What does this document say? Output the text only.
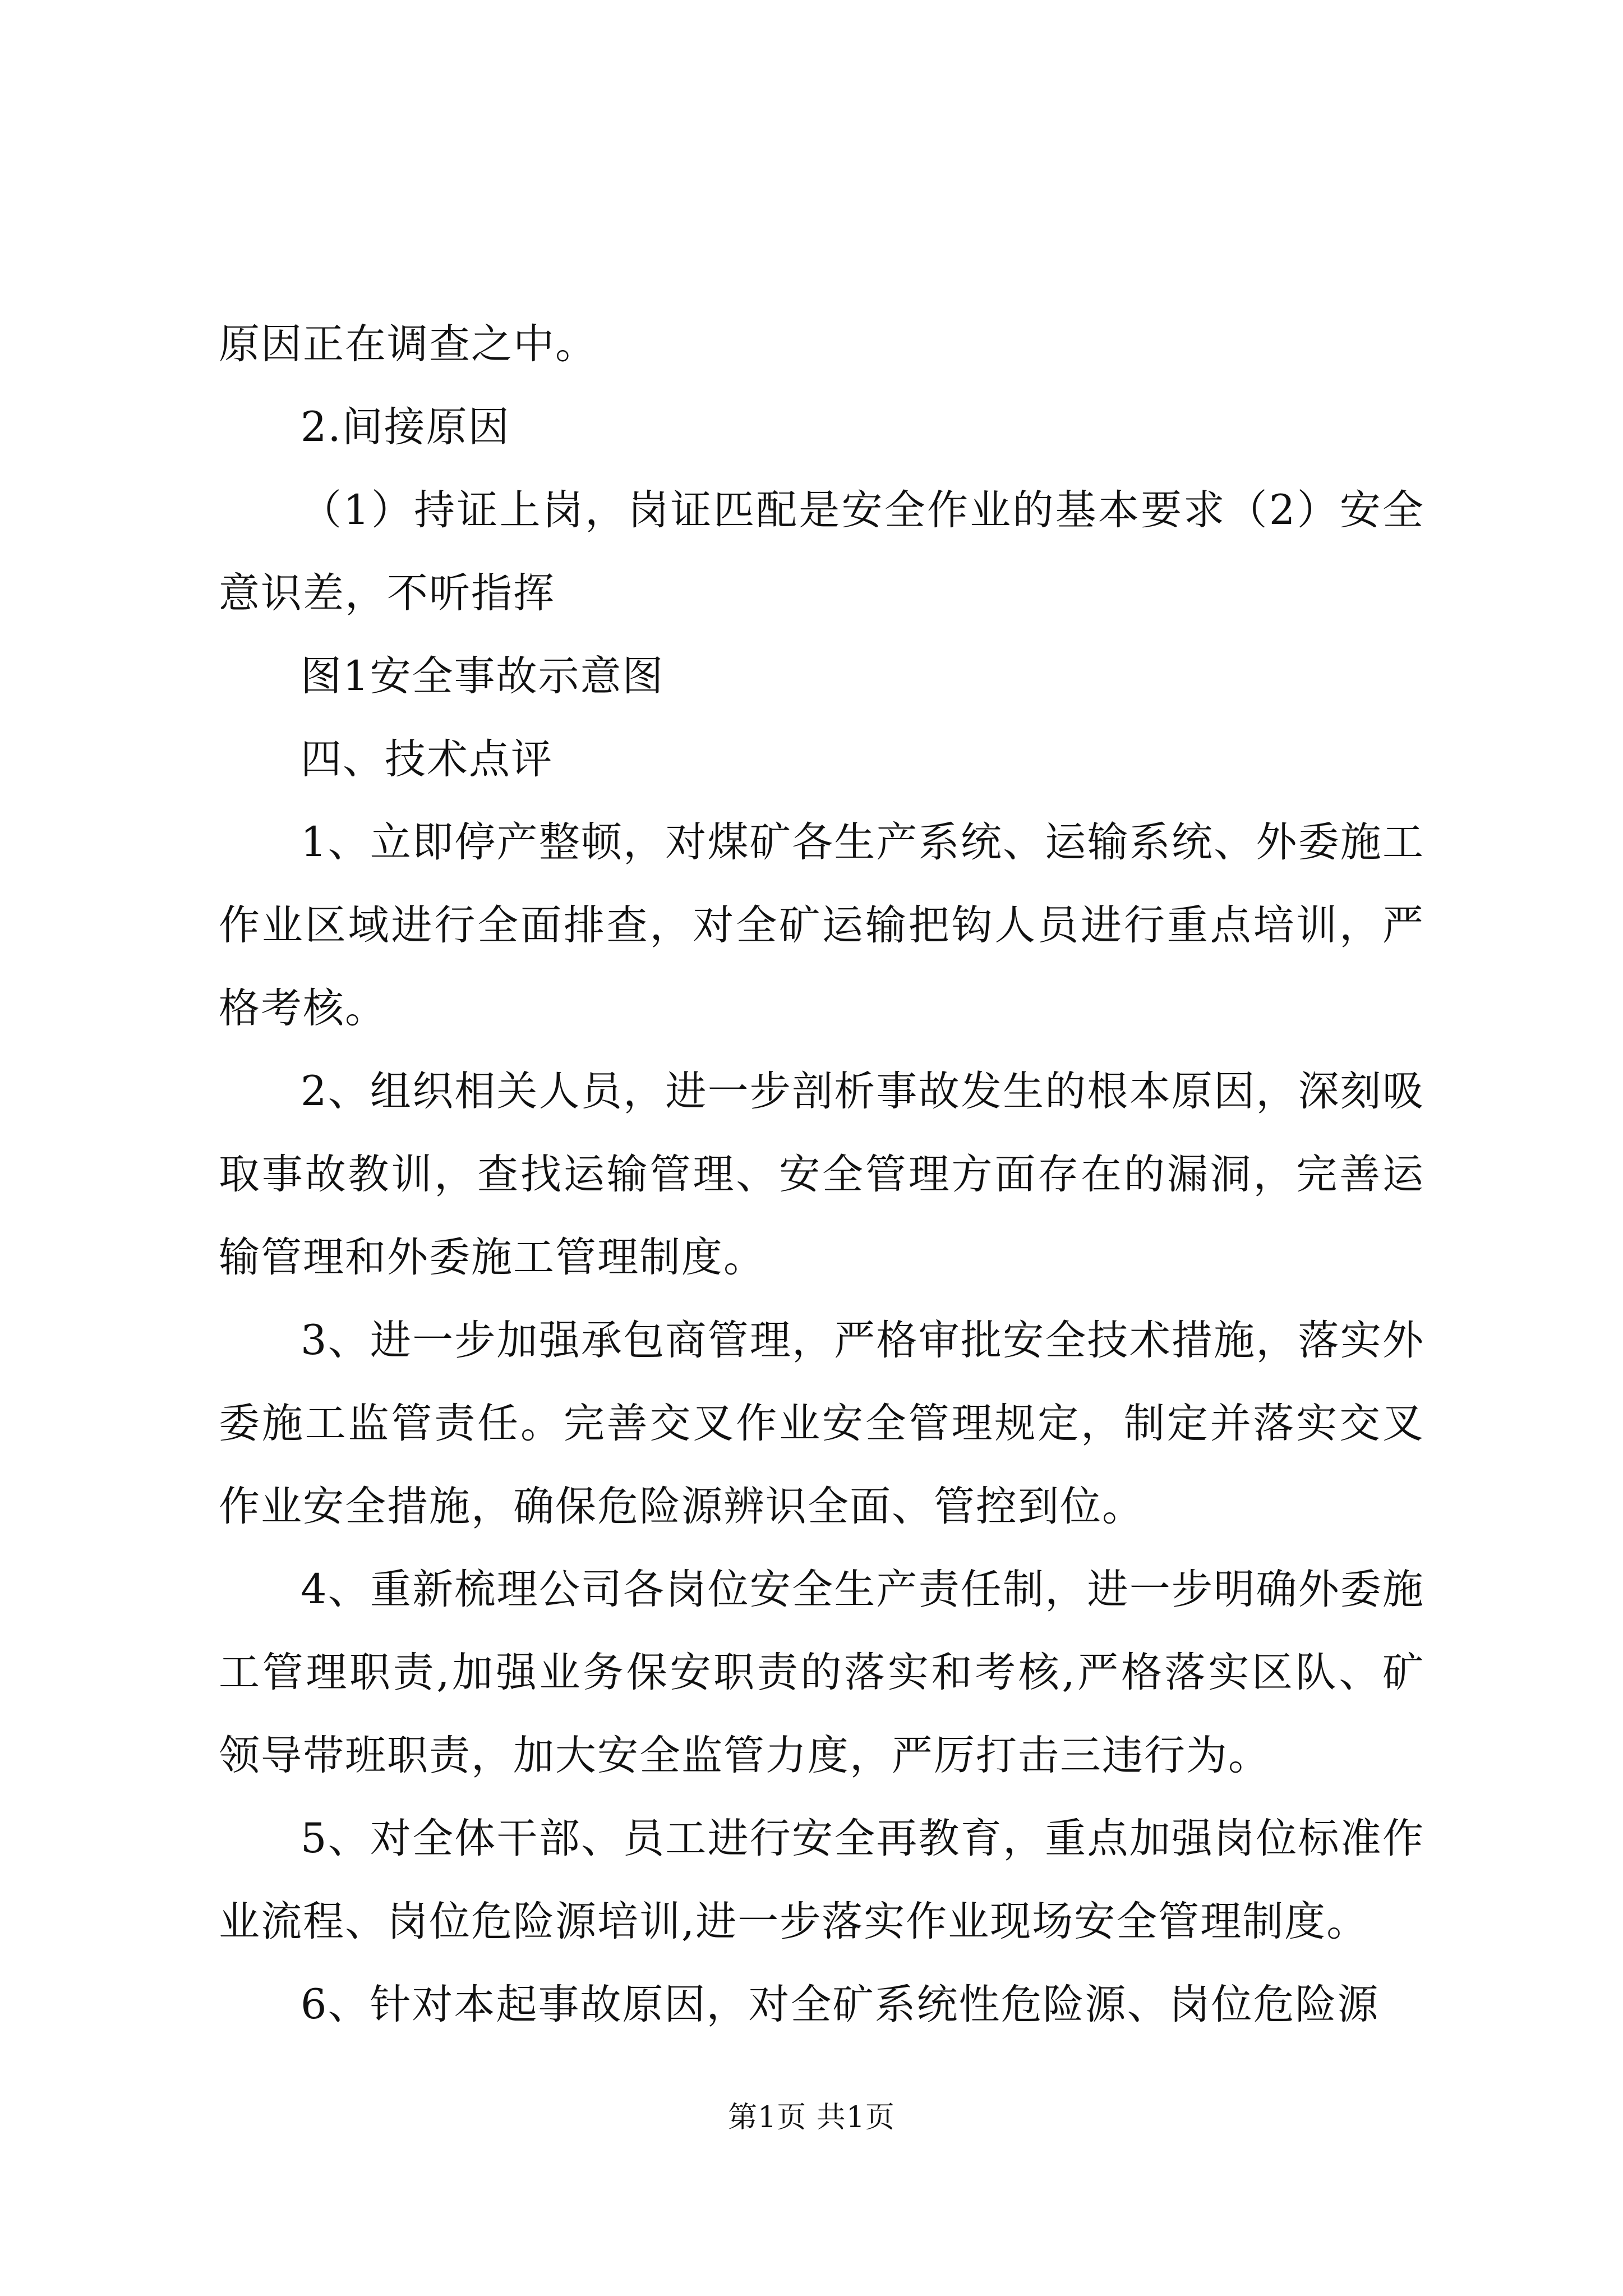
原因正在调查之中。

2.间接原因

（1）持证上岗，岗证匹配是安全作业的基本要求（2）安全意识差，不听指挥

图1安全事故示意图

四、技术点评

1、立即停产整顿，对煤矿各生产系统、运输系统、外委施工作业区域进行全面排查，对全矿运输把钩人员进行重点培训，严格考核。

2、组织相关人员，进一步剖析事故发生的根本原因，深刻吸取事故教训，查找运输管理、安全管理方面存在的漏洞，完善运输管理和外委施工管理制度。

3、进一步加强承包商管理，严格审批安全技术措施，落实外委施工监管责任。完善交叉作业安全管理规定，制定并落实交叉作业安全措施，确保危险源辨识全面、管控到位。

4、重新梳理公司各岗位安全生产责任制，进一步明确外委施工管理职责,加强业务保安职责的落实和考核,严格落实区队、矿领导带班职责，加大安全监管力度，严厉打击三违行为。

5、对全体干部、员工进行安全再教育，重点加强岗位标准作业流程、岗位危险源培训,进一步落实作业现场安全管理制度。

6、针对本起事故原因，对全矿系统性危险源、岗位危险源

第1页 共1页
